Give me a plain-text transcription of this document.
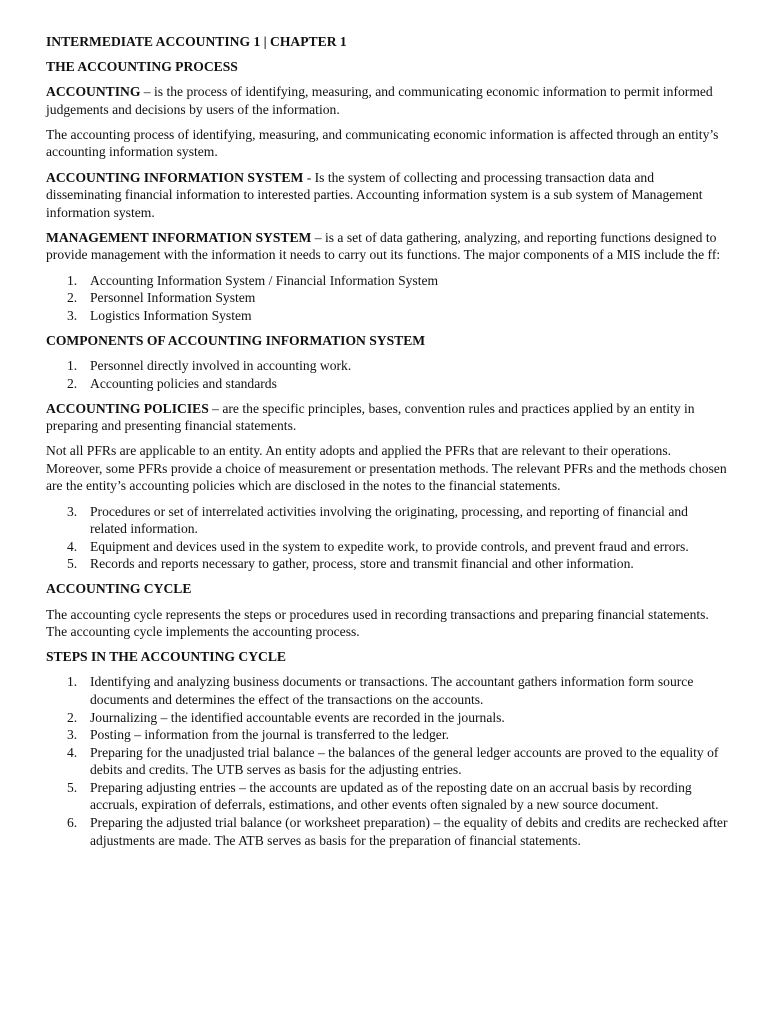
INTERMEDIATE ACCOUNTING 1 | CHAPTER 1

THE ACCOUNTING PROCESS

ACCOUNTING – is the process of identifying, measuring, and communicating economic information to permit informed judgements and decisions by users of the information.

The accounting process of identifying, measuring, and communicating economic information is affected through an entity’s accounting information system.

ACCOUNTING INFORMATION SYSTEM - Is the system of collecting and processing transaction data and disseminating financial information to interested parties. Accounting information system is a sub system of Management information system.

MANAGEMENT INFORMATION SYSTEM – is a set of data gathering, analyzing, and reporting functions designed to provide management with the information it needs to carry out its functions. The major components of a MIS include the ff:

1. Accounting Information System / Financial Information System
2. Personnel Information System
3. Logistics Information System

COMPONENTS OF ACCOUNTING INFORMATION SYSTEM

1. Personnel directly involved in accounting work.
2. Accounting policies and standards

ACCOUNTING POLICIES – are the specific principles, bases, convention rules and practices applied by an entity in preparing and presenting financial statements.

Not all PFRs are applicable to an entity. An entity adopts and applied the PFRs that are relevant to their operations. Moreover, some PFRs provide a choice of measurement or presentation methods. The relevant PFRs and the methods chosen are the entity’s accounting policies which are disclosed in the notes to the financial statements.

3. Procedures or set of interrelated activities involving the originating, processing, and reporting of financial and related information.
4. Equipment and devices used in the system to expedite work, to provide controls, and prevent fraud and errors.
5. Records and reports necessary to gather, process, store and transmit financial and other information.

ACCOUNTING CYCLE

The accounting cycle represents the steps or procedures used in recording transactions and preparing financial statements. The accounting cycle implements the accounting process.

STEPS IN THE ACCOUNTING CYCLE

1. Identifying and analyzing business documents or transactions. The accountant gathers information form source documents and determines the effect of the transactions on the accounts.
2. Journalizing – the identified accountable events are recorded in the journals.
3. Posting – information from the journal is transferred to the ledger.
4. Preparing for the unadjusted trial balance – the balances of the general ledger accounts are proved to the equality of debits and credits. The UTB serves as basis for the adjusting entries.
5. Preparing adjusting entries – the accounts are updated as of the reposting date on an accrual basis by recording accruals, expiration of deferrals, estimations, and other events often signaled by a new source document.
6. Preparing the adjusted trial balance (or worksheet preparation) – the equality of debits and credits are rechecked after adjustments are made. The ATB serves as basis for the preparation of financial statements.
